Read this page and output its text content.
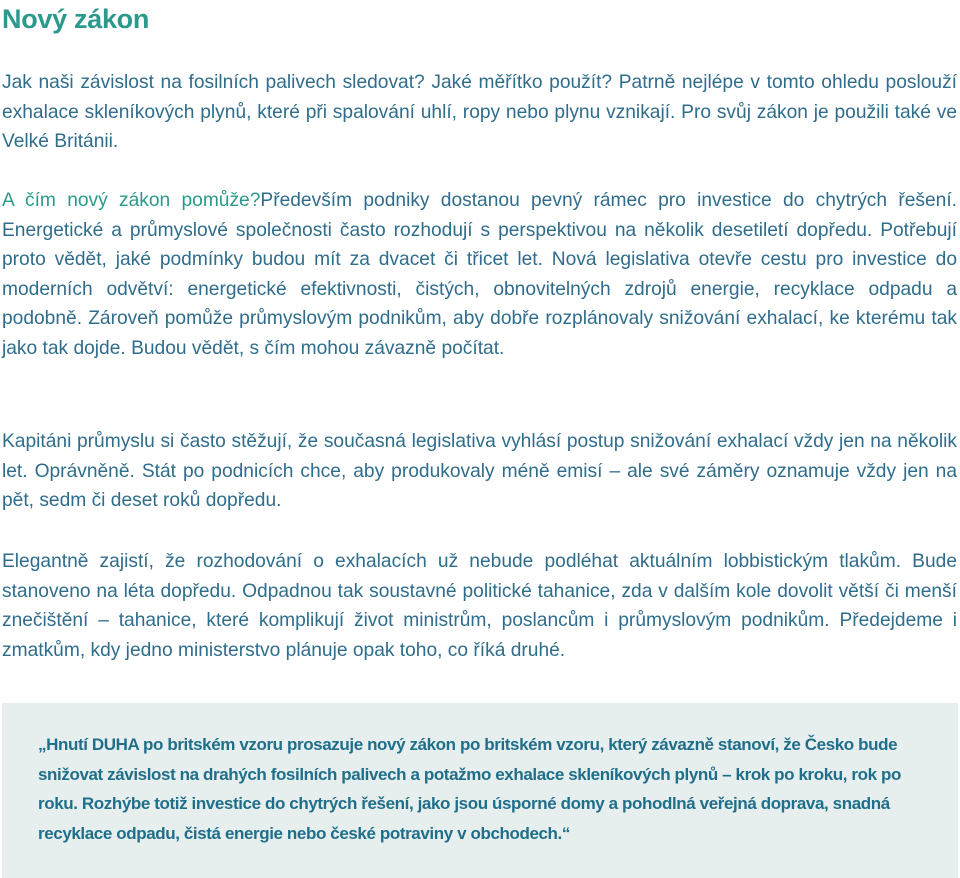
Nový zákon

Jak naši závislost na fosilních palivech sledovat? Jaké měřítko použít? Patrně nejlépe v tomto ohledu poslouží exhalace skleníkových plynů, které při spalování uhlí, ropy nebo plynu vznikají. Pro svůj zákon je použili také ve Velké Británii.

A čím nový zákon pomůže?Především podniky dostanou pevný rámec pro investice do chytrých řešení. Energetické a průmyslové společnosti často rozhodují s perspektivou na několik desetiletí dopředu. Potřebují proto vědět, jaké podmínky budou mít za dvacet či třicet let. Nová legislativa otevře cestu pro investice do moderních odvětví: energetické efektivnosti, čistých, obnovitelných zdrojů energie, recyklace odpadu a podobně. Zároveň pomůže průmyslovým podnikům, aby dobře rozplánovaly snižování exhalací, ke kterému tak jako tak dojde. Budou vědět, s čím mohou závazně počítat.

Kapitáni průmyslu si často stěžují, že současná legislativa vyhlásí postup snižování exhalací vždy jen na několik let. Oprávněně. Stát po podnicích chce, aby produkovaly méně emisí – ale své záměry oznamuje vždy jen na pět, sedm či deset roků dopředu.

Elegantně zajistí, že rozhodování o exhalacích už nebude podléhat aktuálním lobbistickým tlakům. Bude stanoveno na léta dopředu. Odpadnou tak soustavné politické tahanice, zda v dalším kole dovolit větší či menší znečištění – tahanice, které komplikují život ministrům, poslancům i průmyslovým podnikům. Předejdeme i zmatkům, kdy jedno ministerstvo plánuje opak toho, co říká druhé.

„Hnutí DUHA po britském vzoru prosazuje nový zákon po britském vzoru, který závazně stanoví, že Česko bude snižovat závislost na drahých fosilních palivech a potažmo exhalace skleníkových plynů – krok po kroku, rok po roku. Rozhýbe totiž investice do chytrých řešení, jako jsou úsporné domy a pohodlná veřejná doprava, snadná recyklace odpadu, čistá energie nebo české potraviny v obchodech.“
